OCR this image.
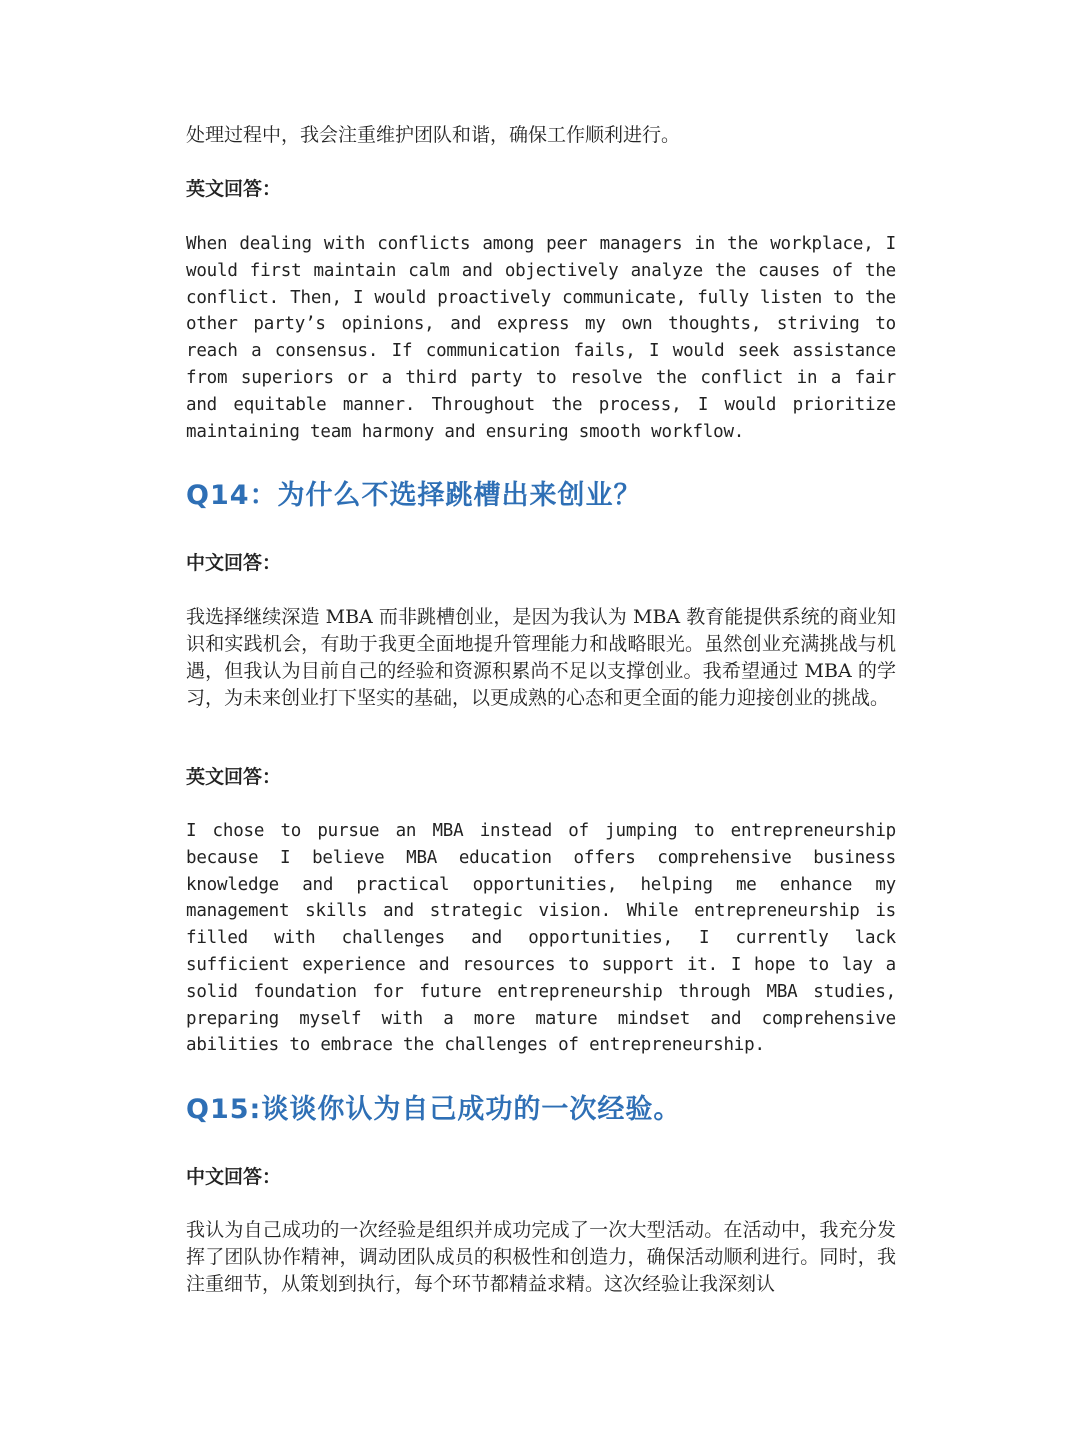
处理过程中，我会注重维护团队和谐，确保工作顺利进行。

英文回答：

When dealing with conflicts among peer managers in the workplace, I would first maintain calm and objectively analyze the causes of the conflict. Then, I would proactively communicate, fully listen to the other party’s opinions, and express my own thoughts, striving to reach a consensus. If communication fails, I would seek assistance from superiors or a third party to resolve the conflict in a fair and equitable manner. Throughout the process, I would prioritize maintaining team harmony and ensuring smooth workflow.

Q14：为什么不选择跳槽出来创业？

中文回答：

我选择继续深造 MBA 而非跳槽创业，是因为我认为 MBA 教育能提供系统的商业知识和实践机会，有助于我更全面地提升管理能力和战略眼光。虽然创业充满挑战与机遇，但我认为目前自己的经验和资源积累尚不足以支撑创业。我希望通过 MBA 的学习，为未来创业打下坚实的基础，以更成熟的心态和更全面的能力迎接创业的挑战。

英文回答：

I chose to pursue an MBA instead of jumping to entrepreneurship because I believe MBA education offers comprehensive business knowledge and practical opportunities, helping me enhance my management skills and strategic vision. While entrepreneurship is filled with challenges and opportunities, I currently lack sufficient experience and resources to support it. I hope to lay a solid foundation for future entrepreneurship through MBA studies, preparing myself with a more mature mindset and comprehensive abilities to embrace the challenges of entrepreneurship.

Q15:谈谈你认为自己成功的一次经验。

中文回答：

我认为自己成功的一次经验是组织并成功完成了一次大型活动。在活动中，我充分发挥了团队协作精神，调动团队成员的积极性和创造力，确保活动顺利进行。同时，我注重细节，从策划到执行，每个环节都精益求精。这次经验让我深刻认
